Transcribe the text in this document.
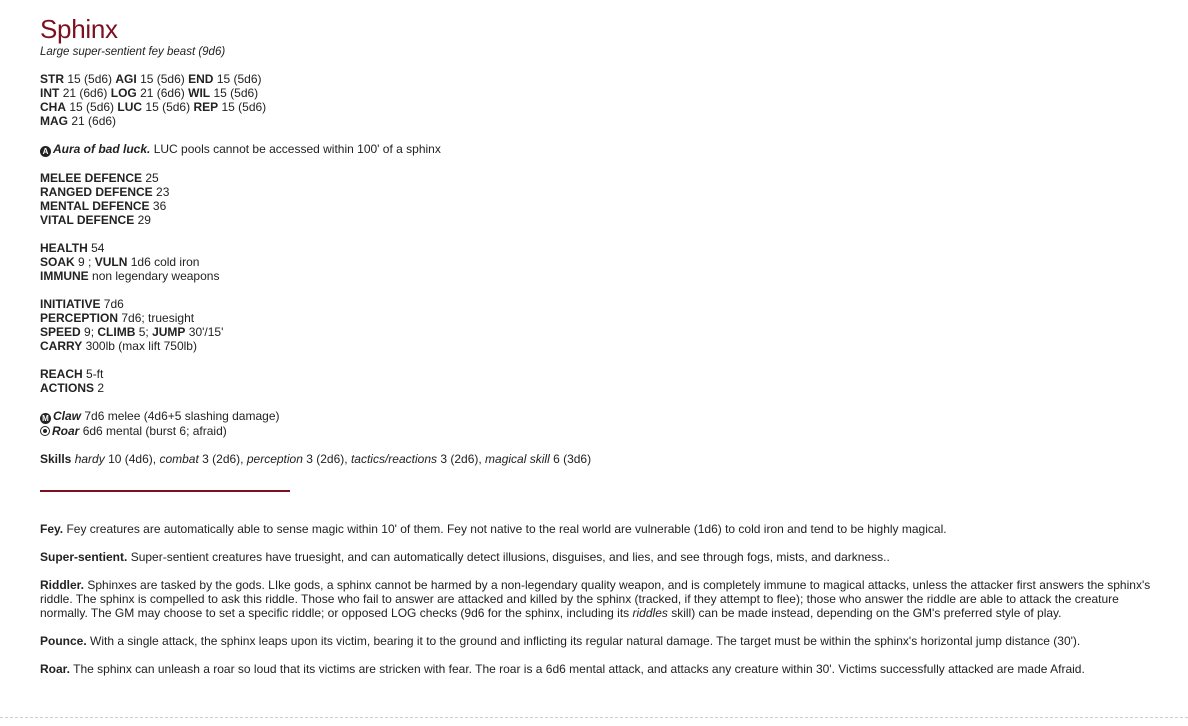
Sphinx
Large super-sentient fey beast (9d6)
STR 15 (5d6) AGI 15 (5d6) END 15 (5d6)
INT 21 (6d6) LOG 21 (6d6) WIL 15 (5d6)
CHA 15 (5d6) LUC 15 (5d6) REP 15 (5d6)
MAG 21 (6d6)
A Aura of bad luck. LUC pools cannot be accessed within 100' of a sphinx
MELEE DEFENCE 25
RANGED DEFENCE 23
MENTAL DEFENCE 36
VITAL DEFENCE 29
HEALTH 54
SOAK 9 ; VULN 1d6 cold iron
IMMUNE non legendary weapons
INITIATIVE 7d6
PERCEPTION 7d6; truesight
SPEED 9; CLIMB 5; JUMP 30'/15'
CARRY 300lb (max lift 750lb)
REACH 5-ft
ACTIONS 2
M Claw 7d6 melee (4d6+5 slashing damage)
Roar 6d6 mental (burst 6; afraid)
Skills hardy 10 (4d6), combat 3 (2d6), perception 3 (2d6), tactics/reactions 3 (2d6), magical skill 6 (3d6)
Fey. Fey creatures are automatically able to sense magic within 10' of them. Fey not native to the real world are vulnerable (1d6) to cold iron and tend to be highly magical.
Super-sentient. Super-sentient creatures have truesight, and can automatically detect illusions, disguises, and lies, and see through fogs, mists, and darkness..
Riddler. Sphinxes are tasked by the gods. LIke gods, a sphinx cannot be harmed by a non-legendary quality weapon, and is completely immune to magical attacks, unless the attacker first answers the sphinx's riddle. The sphinx is compelled to ask this riddle. Those who fail to answer are attacked and killed by the sphinx (tracked, if they attempt to flee); those who answer the riddle are able to attack the creature normally. The GM may choose to set a specific riddle; or opposed LOG checks (9d6 for the sphinx, including its riddles skill) can be made instead, depending on the GM's preferred style of play.
Pounce. With a single attack, the sphinx leaps upon its victim, bearing it to the ground and inflicting its regular natural damage. The target must be within the sphinx's horizontal jump distance (30').
Roar. The sphinx can unleash a roar so loud that its victims are stricken with fear. The roar is a 6d6 mental attack, and attacks any creature within 30'. Victims successfully attacked are made Afraid.
